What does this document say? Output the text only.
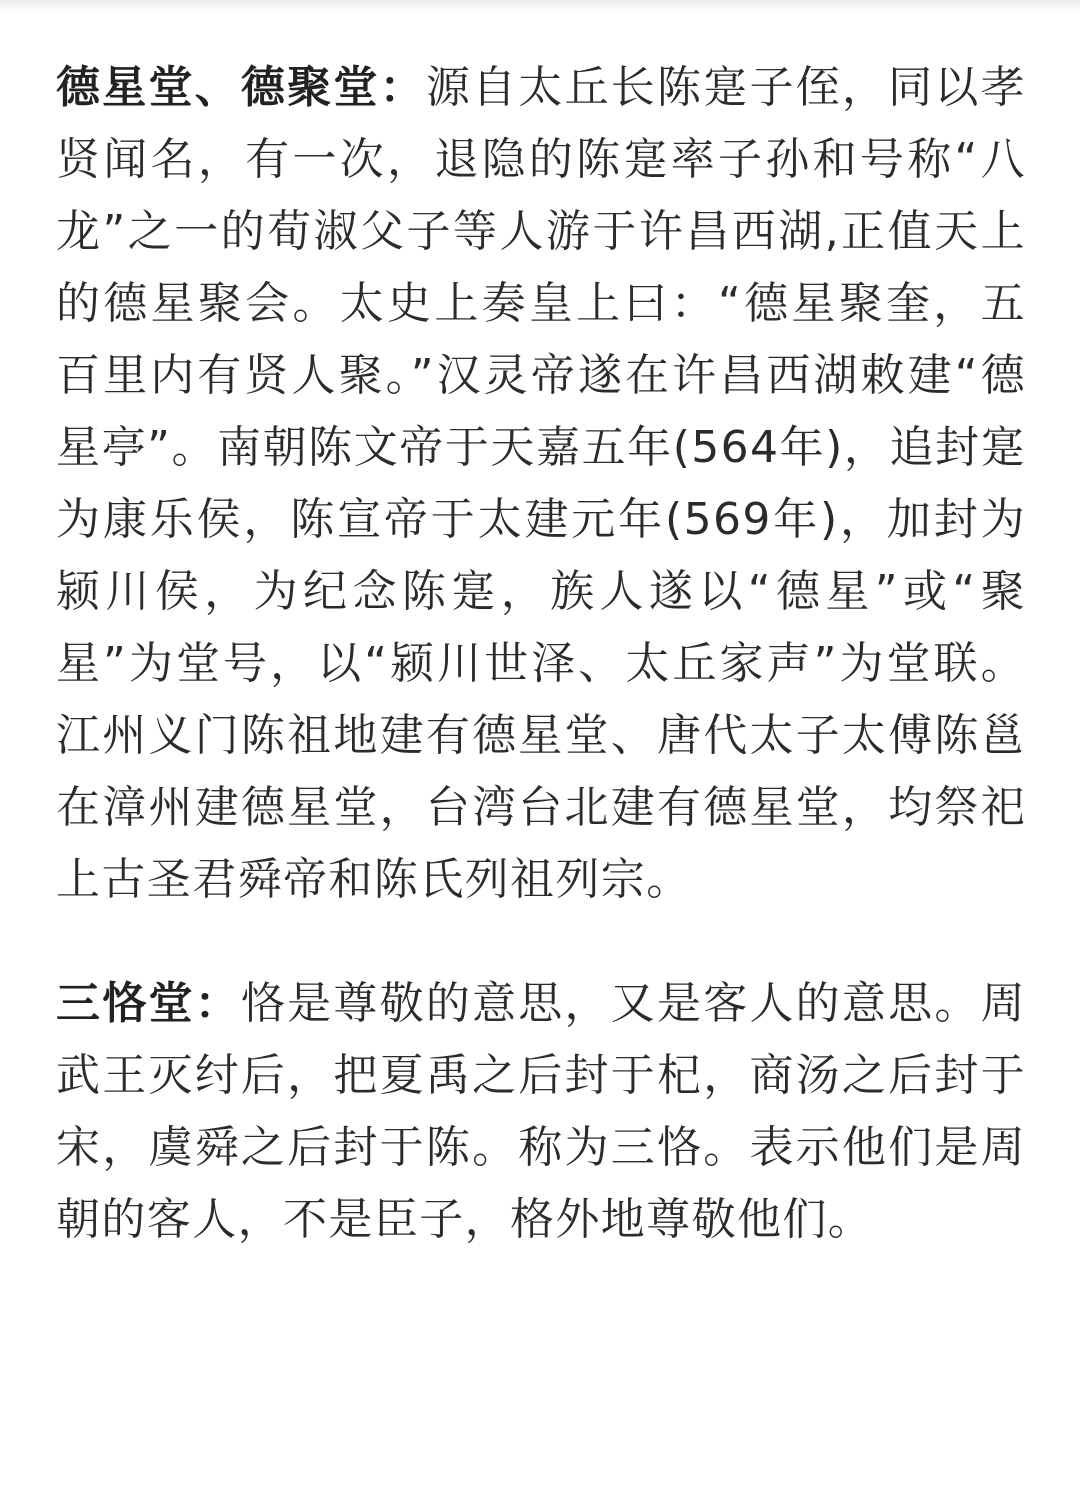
德星堂、德聚堂：源自太丘长陈寔子侄，同以孝贤闻名，有一次，退隐的陈寔率子孙和号称“八龙”之一的荀淑父子等人游于许昌西湖,正值天上的德星聚会。太史上奏皇上曰：“德星聚奎，五百里内有贤人聚。”汉灵帝遂在许昌西湖敕建“德星亭”。南朝陈文帝于天嘉五年(564年)，追封寔为康乐侯，陈宣帝于太建元年(569年)，加封为颍川侯，为纪念陈寔，族人遂以“德星”或“聚星”为堂号，以“颍川世泽、太丘家声”为堂联。江州义门陈祖地建有德星堂、唐代太子太傅陈邕在漳州建德星堂，台湾台北建有德星堂，均祭祀上古圣君舜帝和陈氏列祖列宗。

三恪堂：恪是尊敬的意思，又是客人的意思。周武王灭纣后，把夏禹之后封于杞，商汤之后封于宋，虞舜之后封于陈。称为三恪。表示他们是周朝的客人，不是臣子，格外地尊敬他们。
